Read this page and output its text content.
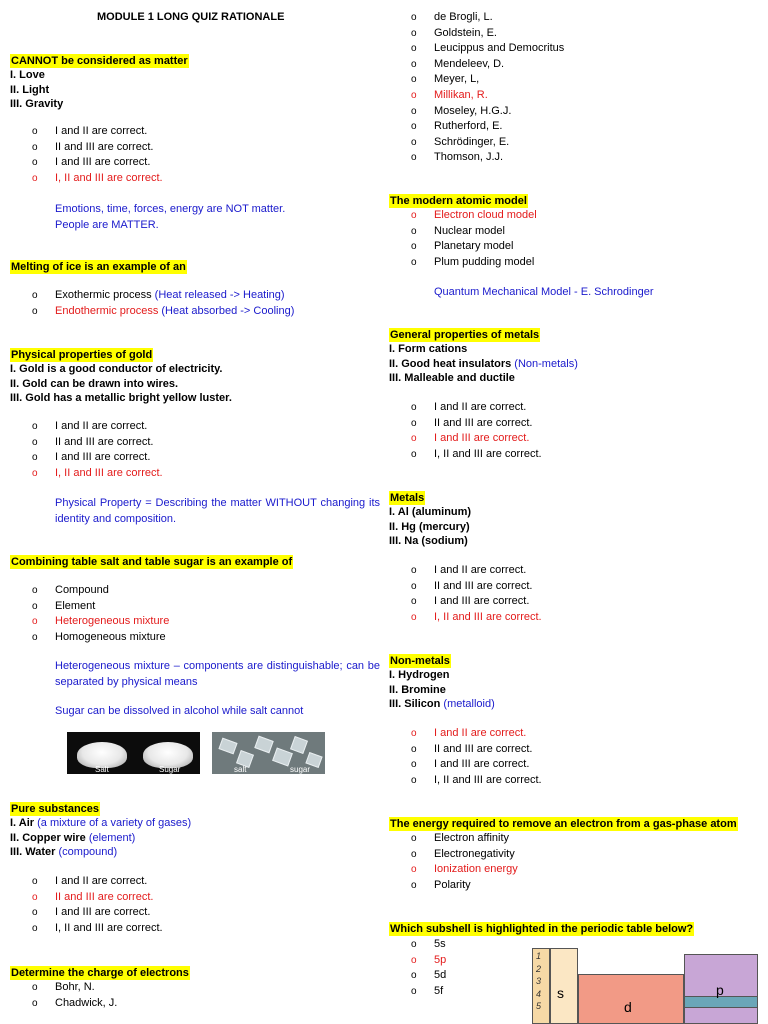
MODULE 1 LONG QUIZ RATIONALE
CANNOT be considered as matter
I. Love
II. Light
III. Gravity
o I and II are correct.
o II and III are correct.
o I and III are correct.
o I, II and III are correct.
Emotions, time, forces, energy are NOT matter.
People are MATTER.
Melting of ice is an example of an
o Exothermic process (Heat released -> Heating)
o Endothermic process (Heat absorbed -> Cooling)
Physical properties of gold
I. Gold is a good conductor of electricity.
II. Gold can be drawn into wires.
III. Gold has a metallic bright yellow luster.
o I and II are correct.
o II and III are correct.
o I and III are correct.
o I, II and III are correct.
Physical Property = Describing the matter WITHOUT changing its identity and composition.
Combining table salt and table sugar is an example of
o Compound
o Element
o Heterogeneous mixture
o Homogeneous mixture
Heterogeneous mixture – components are distinguishable; can be separated by physical means
Sugar can be dissolved in alcohol while salt cannot
Salt	Sugar	salt	sugar
Pure substances
I. Air (a mixture of a variety of gases)
II. Copper wire (element)
III. Water (compound)
o I and II are correct.
o II and III are correct.
o I and III are correct.
o I, II and III are correct.
Determine the charge of electrons
o Bohr, N.
o Chadwick, J.
o de Brogli, L.
o Goldstein, E.
o Leucippus and Democritus
o Mendeleev, D.
o Meyer, L,
o Millikan, R.
o Moseley, H.G.J.
o Rutherford, E.
o Schrödinger, E.
o Thomson, J.J.
The modern atomic model
o Electron cloud model
o Nuclear model
o Planetary model
o Plum pudding model
Quantum Mechanical Model - E. Schrodinger
General properties of metals
I. Form cations
II. Good heat insulators (Non-metals)
III. Malleable and ductile
o I and II are correct.
o II and III are correct.
o I and III are correct.
o I, II and III are correct.
Metals
I. Al (aluminum)
II. Hg (mercury)
III. Na (sodium)
o I and II are correct.
o II and III are correct.
o I and III are correct.
o I, II and III are correct.
Non-metals
I. Hydrogen
II. Bromine
III. Silicon (metalloid)
o I and II are correct.
o II and III are correct.
o I and III are correct.
o I, II and III are correct.
The energy required to remove an electron from a gas-phase atom
o Electron affinity
o Electronegativity
o Ionization energy
o Polarity
Which subshell is highlighted in the periodic table below?
o 5s
o 5p
o 5d
o 5f
1
2
3
4
5
s
d
p
